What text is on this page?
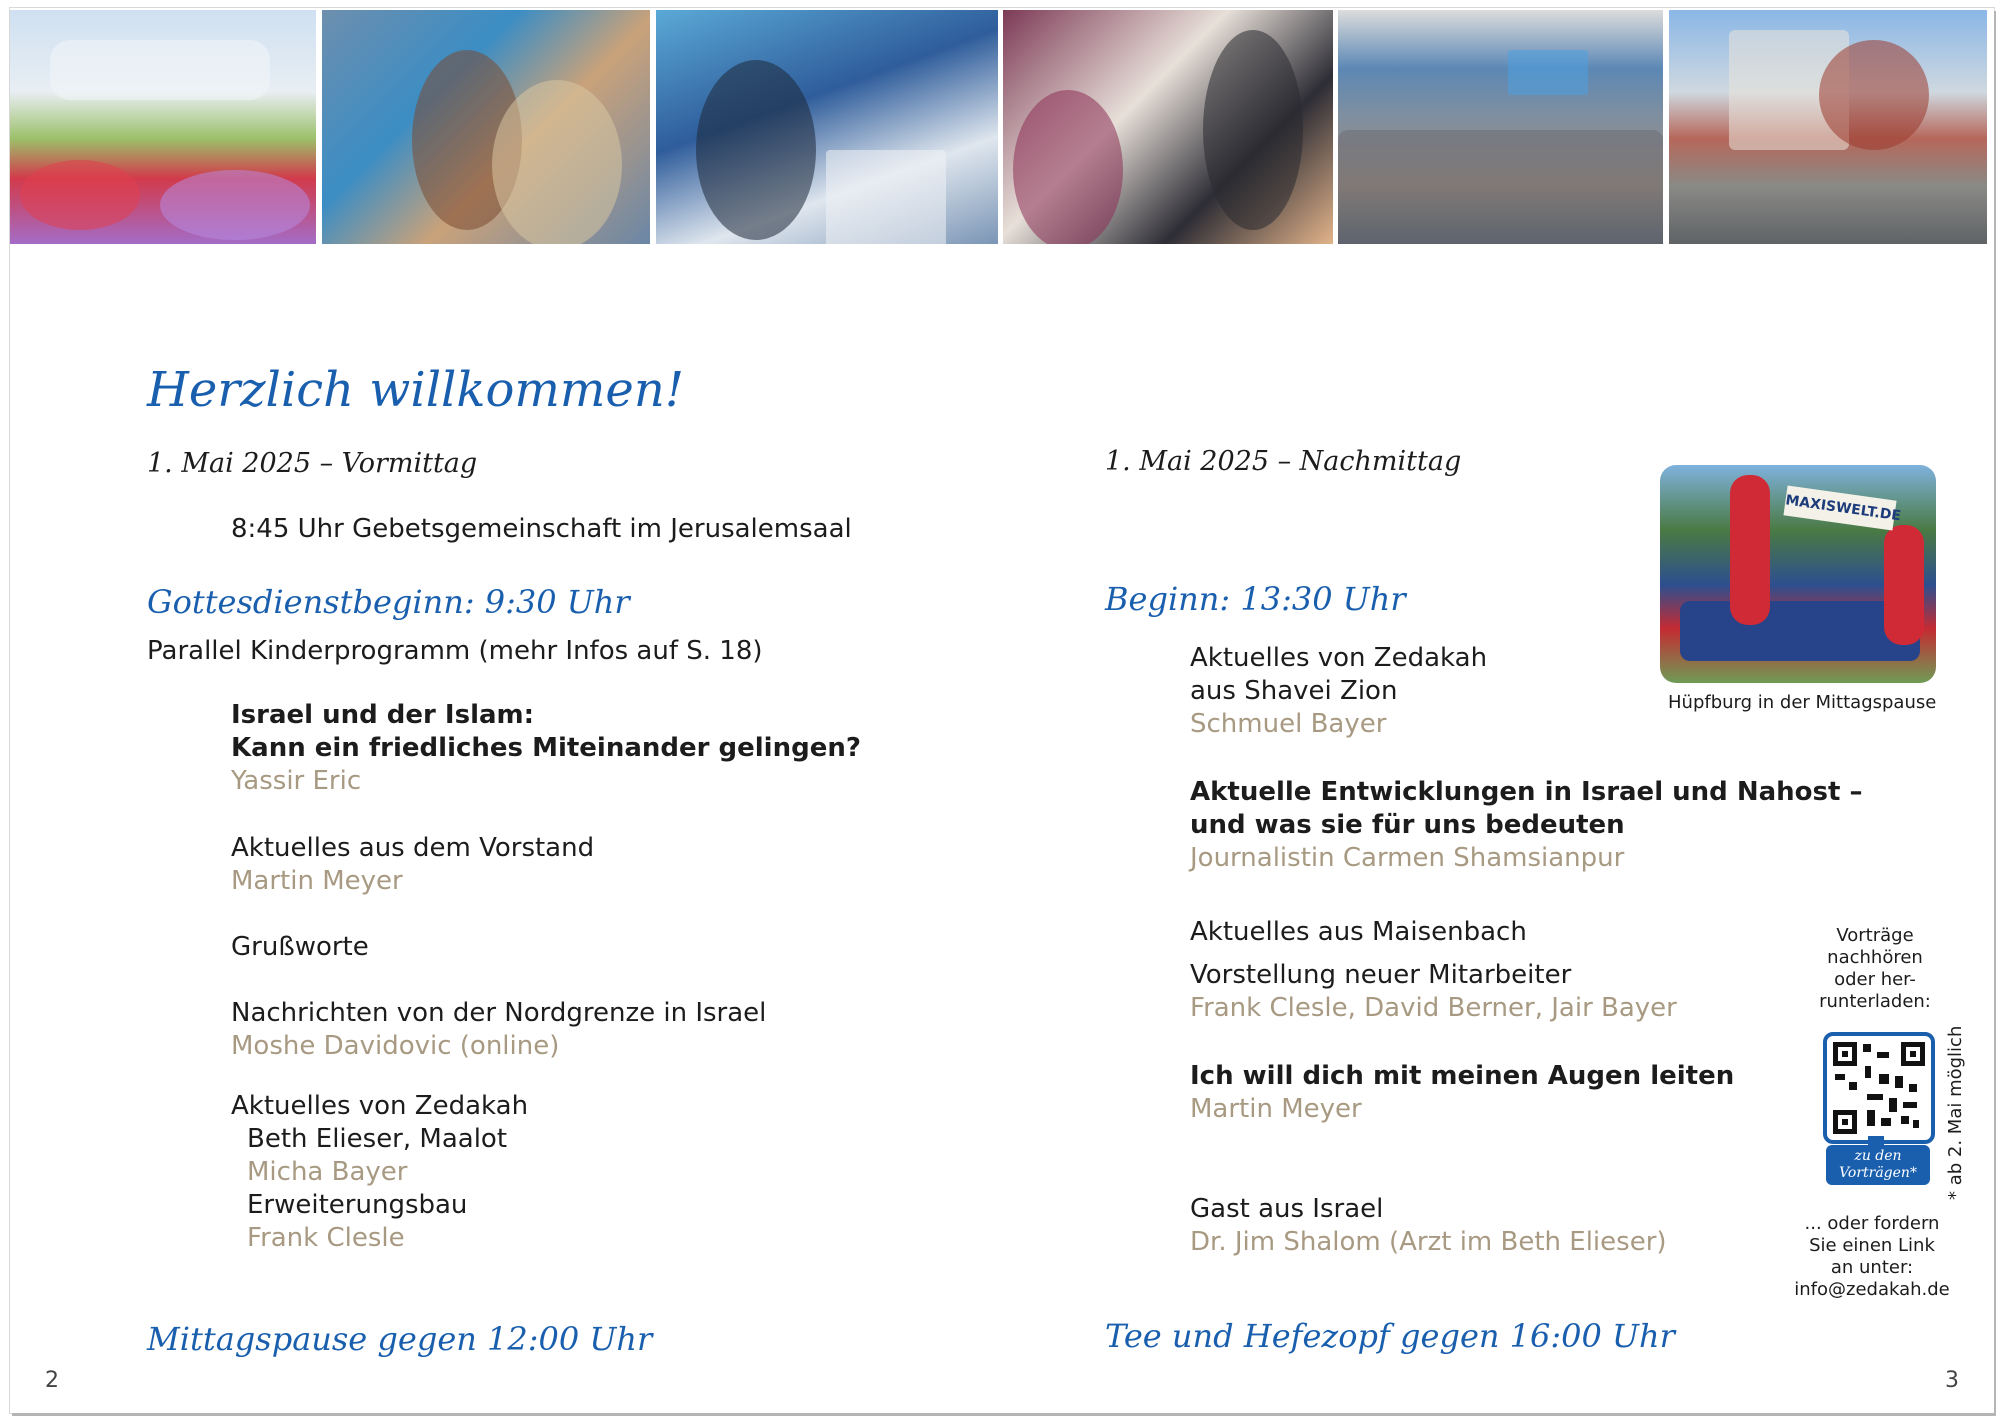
Herzlich willkommen!
1. Mai 2025 – Vormittag
8:45 Uhr Gebetsgemeinschaft im Jerusalemsaal
Gottesdienstbeginn: 9:30 Uhr
Parallel Kinderprogramm (mehr Infos auf S. 18)
Israel und der Islam:
Kann ein friedliches Miteinander gelingen?
Yassir Eric
Aktuelles aus dem Vorstand
Martin Meyer
Grußworte
Nachrichten von der Nordgrenze in Israel
Moshe Davidovic (online)
Aktuelles von Zedakah
Beth Elieser, Maalot
Micha Bayer
Erweiterungsbau
Frank Clesle
Mittagspause gegen 12:00 Uhr
2
1. Mai 2025 – Nachmittag
Beginn: 13:30 Uhr
Aktuelles von Zedakah
aus Shavei Zion
Schmuel Bayer
Aktuelle Entwicklungen in Israel und Nahost –
und was sie für uns bedeuten
Journalistin Carmen Shamsianpur
Aktuelles aus Maisenbach
Vorstellung neuer Mitarbeiter
Frank Clesle, David Berner, Jair Bayer
Ich will dich mit meinen Augen leiten
Martin Meyer
Gast aus Israel
Dr. Jim Shalom (Arzt im Beth Elieser)
Tee und Hefezopf gegen 16:00 Uhr
3
MAXISWELT.DE
Hüpfburg in der Mittagspause
Vorträge
nachhören
oder her-
runterladen:
zu den
Vorträgen*
... oder fordern
Sie einen Link
an unter:
info@zedakah.de
* ab 2. Mai möglich
